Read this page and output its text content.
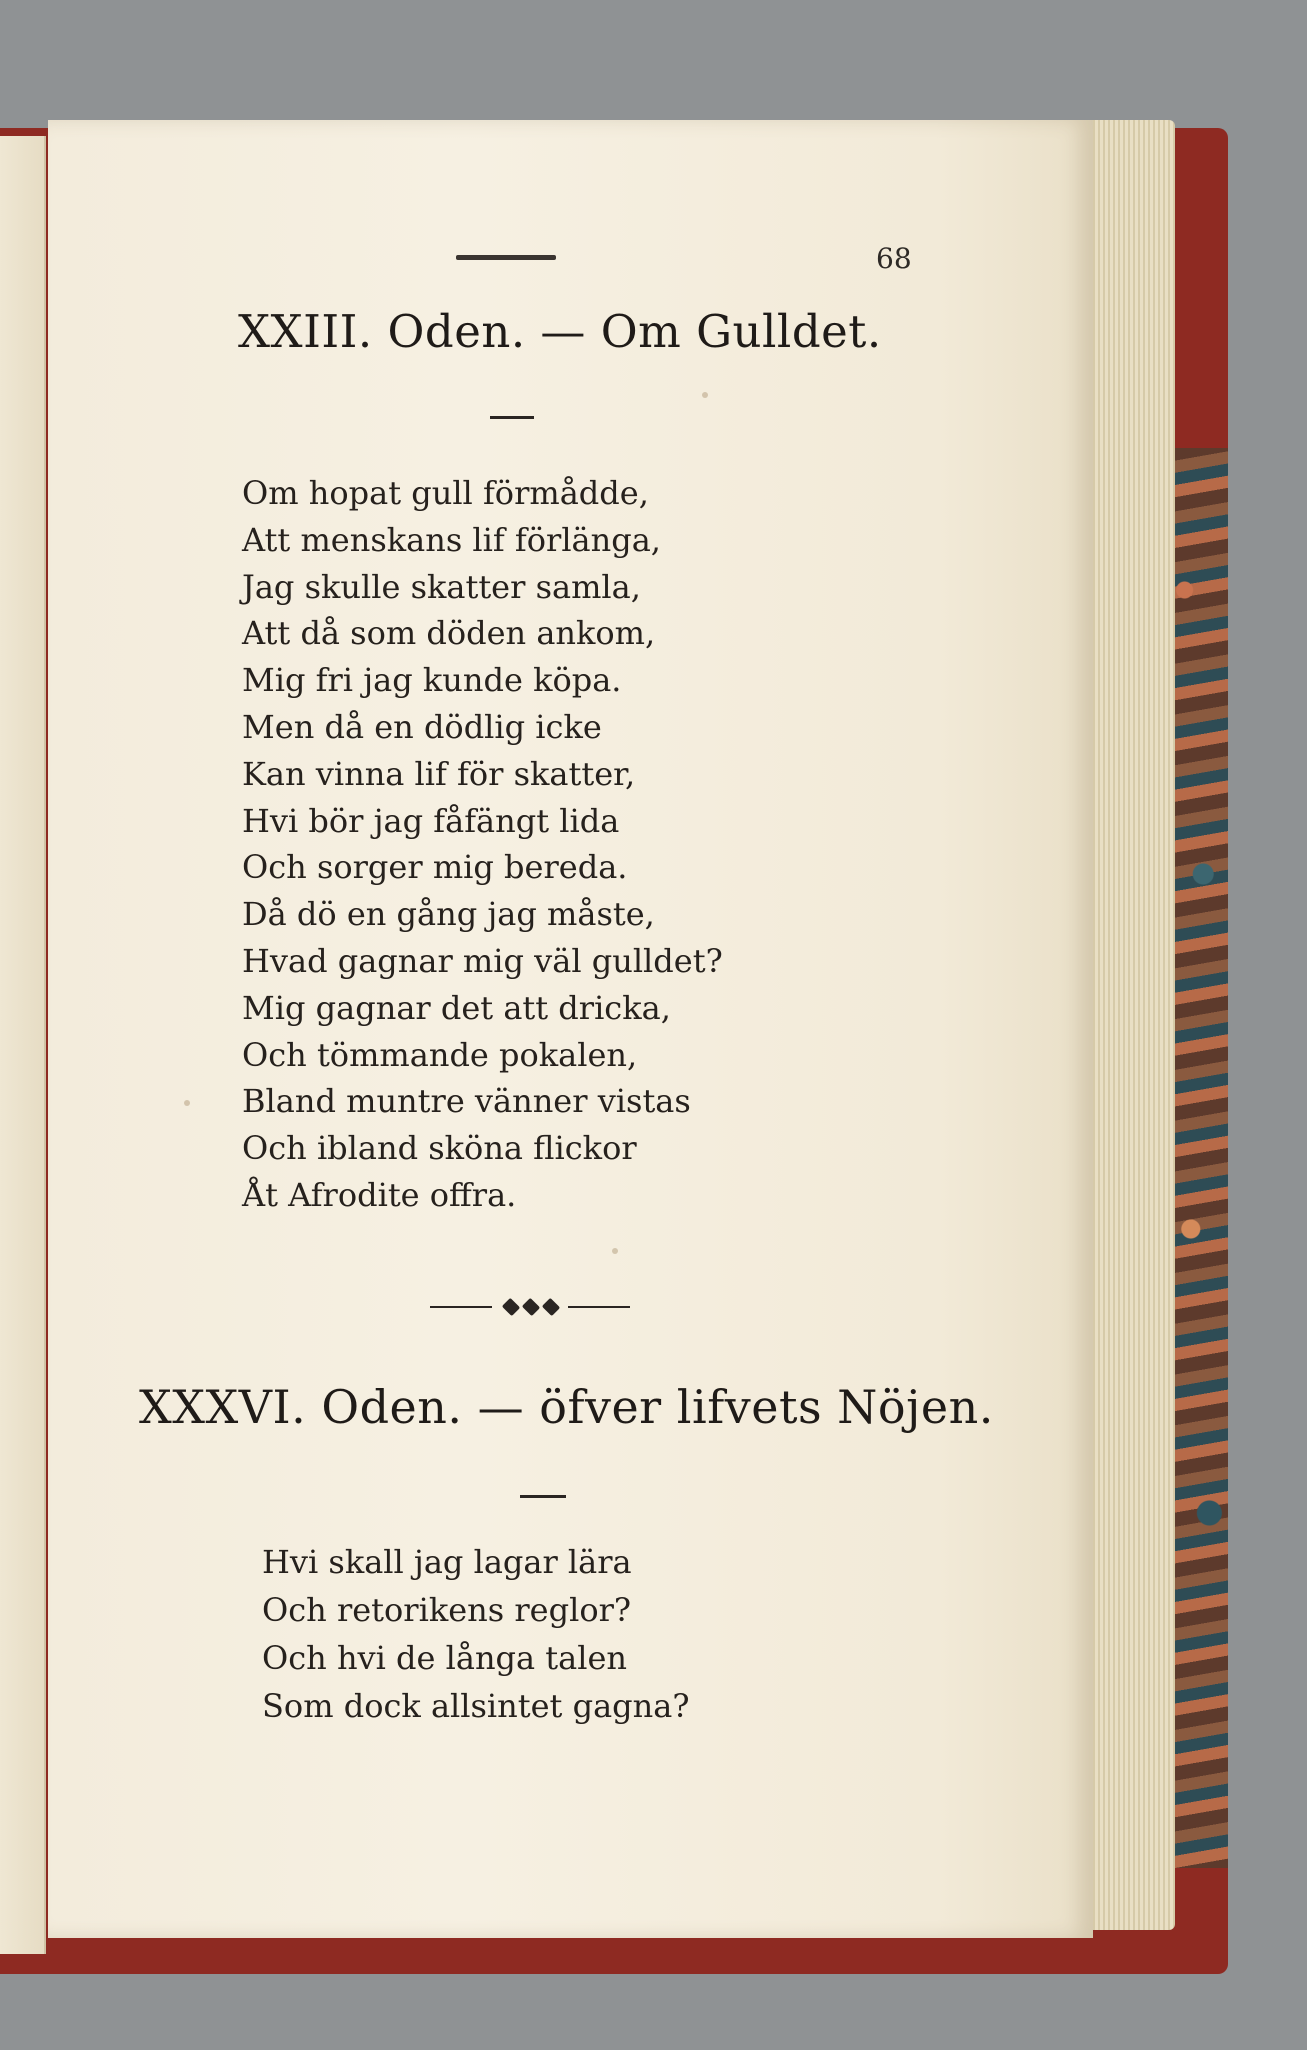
68
XXIII. Oden. — Om Gulldet.
Om hopat gull förmådde,
Att menskans lif förlänga,
Jag skulle skatter samla,
Att då som döden ankom,
Mig fri jag kunde köpa.
Men då en dödlig icke
Kan vinna lif för skatter,
Hvi bör jag fåfängt lida
Och sorger mig bereda.
Då dö en gång jag måste,
Hvad gagnar mig väl gulldet?
Mig gagnar det att dricka,
Och tömmande pokalen,
Bland muntre vänner vistas
Och ibland sköna flickor
Åt Afrodite offra.
XXXVI. Oden. — öfver lifvets Nöjen.
Hvi skall jag lagar lära
Och retorikens reglor?
Och hvi de långa talen
Som dock allsintet gagna?
